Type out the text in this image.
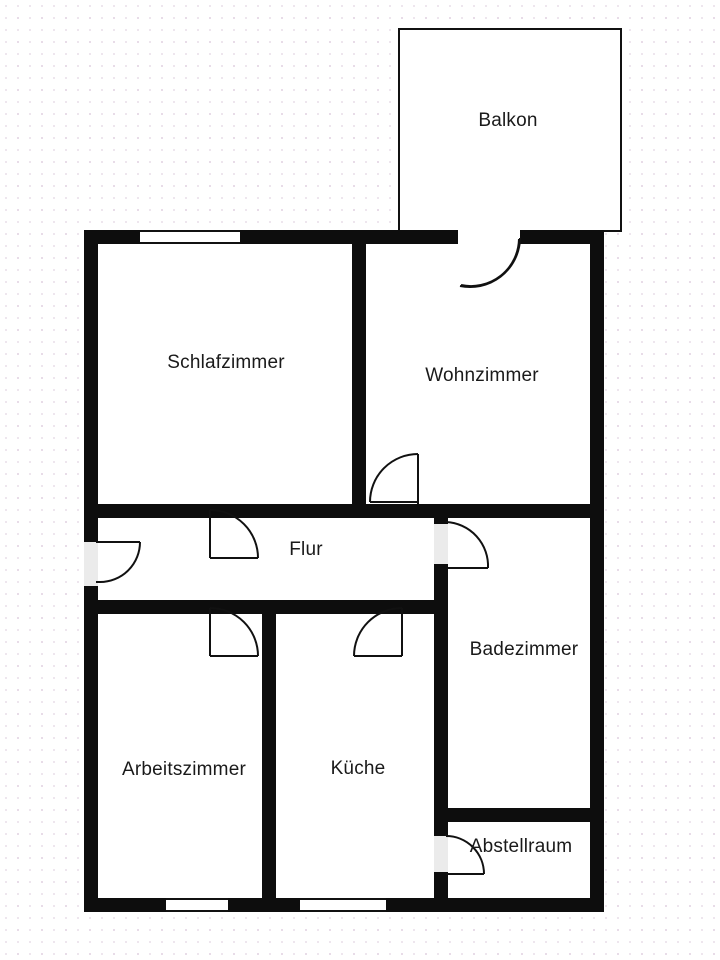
Balkon
Schlafzimmer
Wohnzimmer
Flur
Badezimmer
Arbeitszimmer	Küche
Abstellraum
